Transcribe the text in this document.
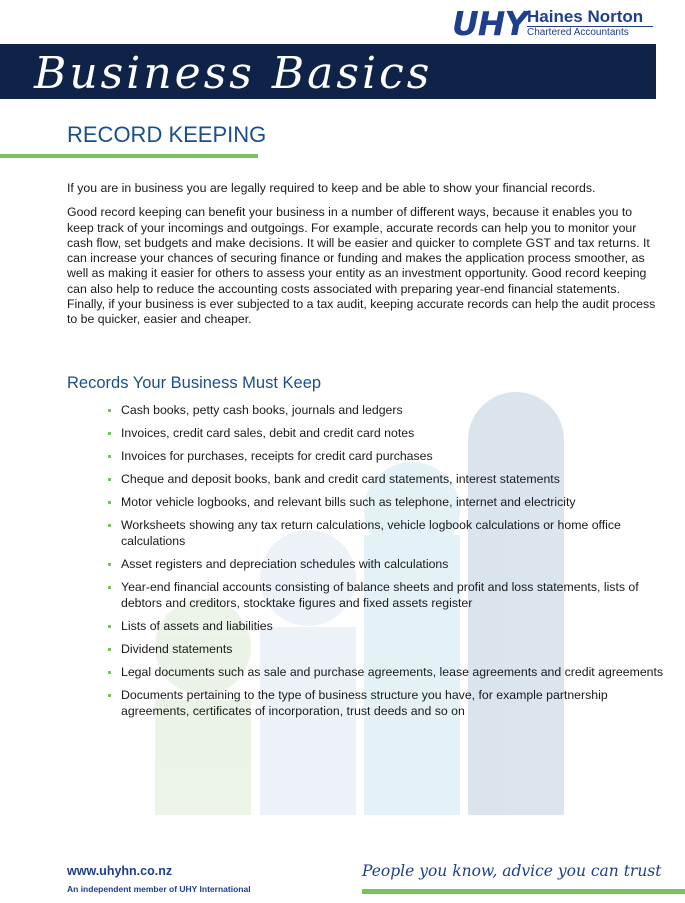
UHY Haines Norton
Chartered Accountants
Business Basics
RECORD KEEPING

If you are in business you are legally required to keep and be able to show your financial records.

Good record keeping can benefit your business in a number of different ways, because it enables you to keep track of your incomings and outgoings. For example, accurate records can help you to monitor your cash flow, set budgets and make decisions. It will be easier and quicker to complete GST and tax returns. It can increase your chances of securing finance or funding and makes the application process smoother, as well as making it easier for others to assess your entity as an investment opportunity. Good record keeping can also help to reduce the accounting costs associated with preparing year-end financial statements. Finally, if your business is ever subjected to a tax audit, keeping accurate records can help the audit process to be quicker, easier and cheaper.

Records Your Business Must Keep
Cash books, petty cash books, journals and ledgers
Invoices, credit card sales, debit and credit card notes
Invoices for purchases, receipts for credit card purchases
Cheque and deposit books, bank and credit card statements, interest statements
Motor vehicle logbooks, and relevant bills such as telephone, internet and electricity
Worksheets showing any tax return calculations, vehicle logbook calculations or home office calculations
Asset registers and depreciation schedules with calculations
Year-end financial accounts consisting of balance sheets and profit and loss statements, lists of debtors and creditors, stocktake figures and fixed assets register
Lists of assets and liabilities
Dividend statements
Legal documents such as sale and purchase agreements, lease agreements and credit agreements
Documents pertaining to the type of business structure you have, for example partnership agreements, certificates of incorporation, trust deeds and so on
www.uhyhn.co.nz
An independent member of UHY International
People you know, advice you can trust
